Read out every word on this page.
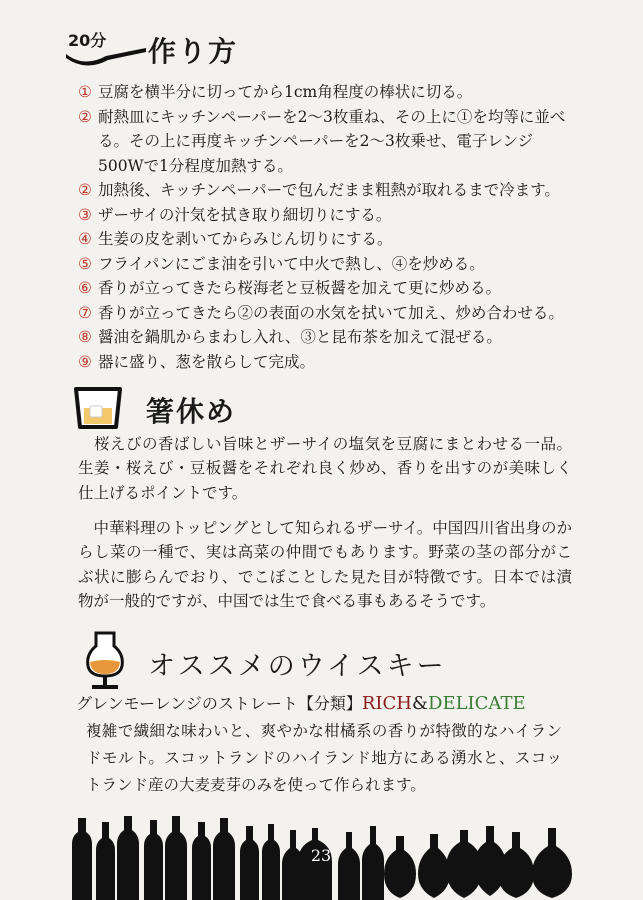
20分 作り方
① 豆腐を横半分に切ってから1cm角程度の棒状に切る。
② 耐熱皿にキッチンペーパーを2〜3枚重ね、その上に①を均等に並べる。その上に再度キッチンペーパーを2〜3枚乗せ、電子レンジ500Wで1分程度加熱する。
② 加熱後、キッチンペーパーで包んだまま粗熱が取れるまで冷ます。
③ ザーサイの汁気を拭き取り細切りにする。
④ 生姜の皮を剥いてからみじん切りにする。
⑤ フライパンにごま油を引いて中火で熱し、④を炒める。
⑥ 香りが立ってきたら桜海老と豆板醤を加えて更に炒める。
⑦ 香りが立ってきたら②の表面の水気を拭いて加え、炒め合わせる。
⑧ 醤油を鍋肌からまわし入れ、③と昆布茶を加えて混ぜる。
⑨ 器に盛り、葱を散らして完成。
箸休め
　桜えびの香ばしい旨味とザーサイの塩気を豆腐にまとわせる一品。生姜・桜えび・豆板醤をそれぞれ良く炒め、香りを出すのが美味しく仕上げるポイントです。
　中華料理のトッピングとして知られるザーサイ。中国四川省出身のからし菜の一種で、実は高菜の仲間でもあります。野菜の茎の部分がこぶ状に膨らんでおり、でこぼことした見た目が特徴です。日本では漬物が一般的ですが、中国では生で食べる事もあるそうです。
オススメのウイスキー
グレンモーレンジのストレート【分類】RICH&DELICATE
複雑で繊細な味わいと、爽やかな柑橘系の香りが特徴的なハイランドモルト。スコットランドのハイランド地方にある湧水と、スコットランド産の大麦麦芽のみを使って作られます。
23
